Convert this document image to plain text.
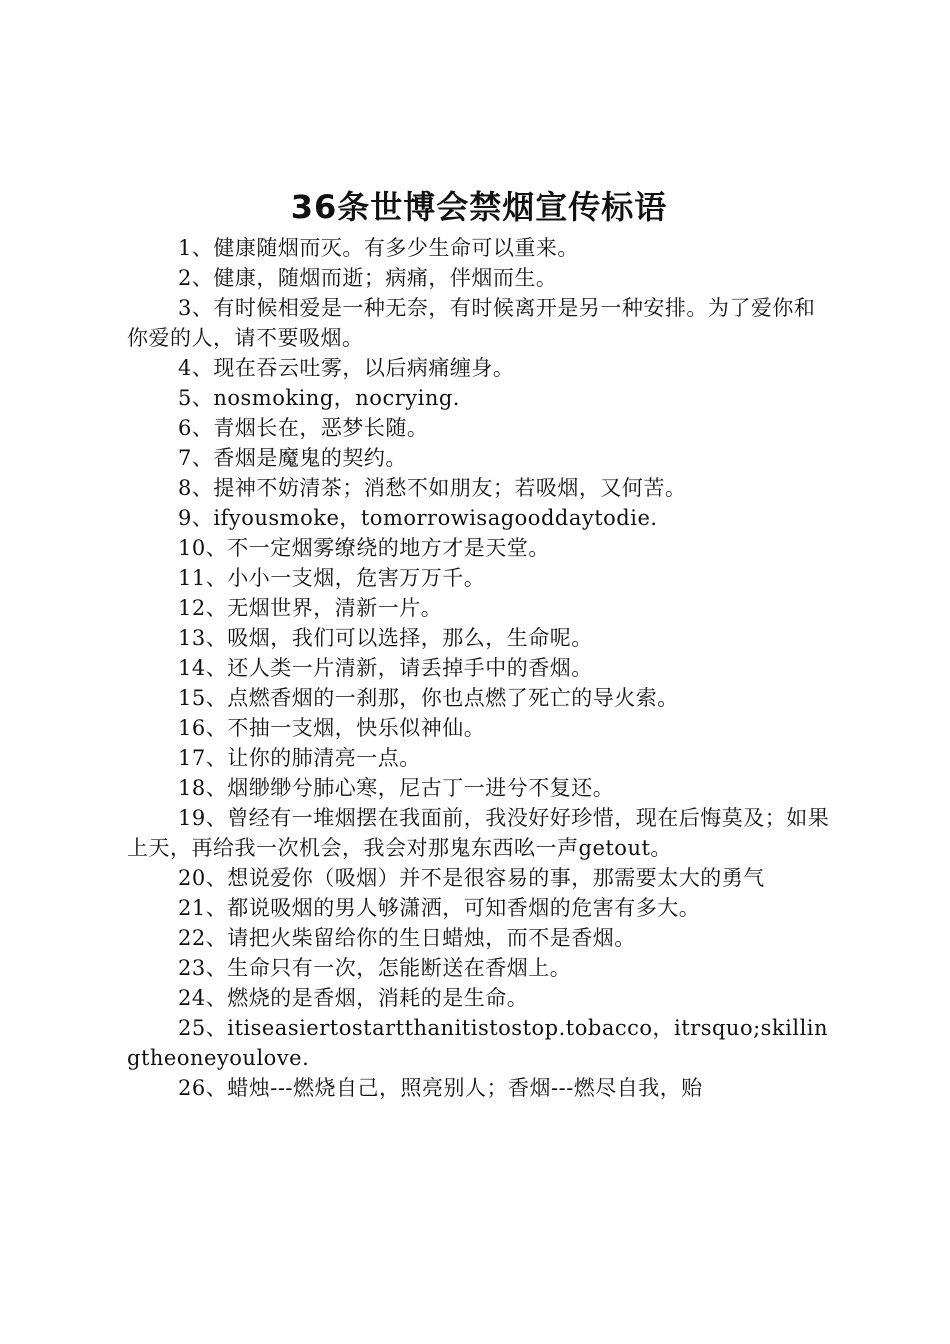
36条世博会禁烟宣传标语

1、健康随烟而灭。有多少生命可以重来。

2、健康，随烟而逝；病痛，伴烟而生。

3、有时候相爱是一种无奈，有时候离开是另一种安排。为了爱你和你爱的人，请不要吸烟。

4、现在吞云吐雾，以后病痛缠身。

5、nosmoking，nocrying.

6、青烟长在，恶梦长随。

7、香烟是魔鬼的契约。

8、提神不妨清茶；消愁不如朋友；若吸烟，又何苦。

9、ifyousmoke，tomorrowisagooddaytodie.

10、不一定烟雾缭绕的地方才是天堂。

11、小小一支烟，危害万万千。

12、无烟世界，清新一片。

13、吸烟，我们可以选择，那么，生命呢。

14、还人类一片清新，请丢掉手中的香烟。

15、点燃香烟的一刹那，你也点燃了死亡的导火索。

16、不抽一支烟，快乐似神仙。

17、让你的肺清亮一点。

18、烟缈缈兮肺心寒，尼古丁一进兮不复还。

19、曾经有一堆烟摆在我面前，我没好好珍惜，现在后悔莫及；如果上天，再给我一次机会，我会对那鬼东西吆一声getout。

20、想说爱你（吸烟）并不是很容易的事，那需要太大的勇气

21、都说吸烟的男人够潇洒，可知香烟的危害有多大。

22、请把火柴留给你的生日蜡烛，而不是香烟。

23、生命只有一次，怎能断送在香烟上。

24、燃烧的是香烟，消耗的是生命。

25、itiseasiertostartthanitistostop.tobacco，itrsquo;skillingtheoneyoulove.

26、蜡烛---燃烧自己，照亮别人；香烟---燃尽自我，贻
